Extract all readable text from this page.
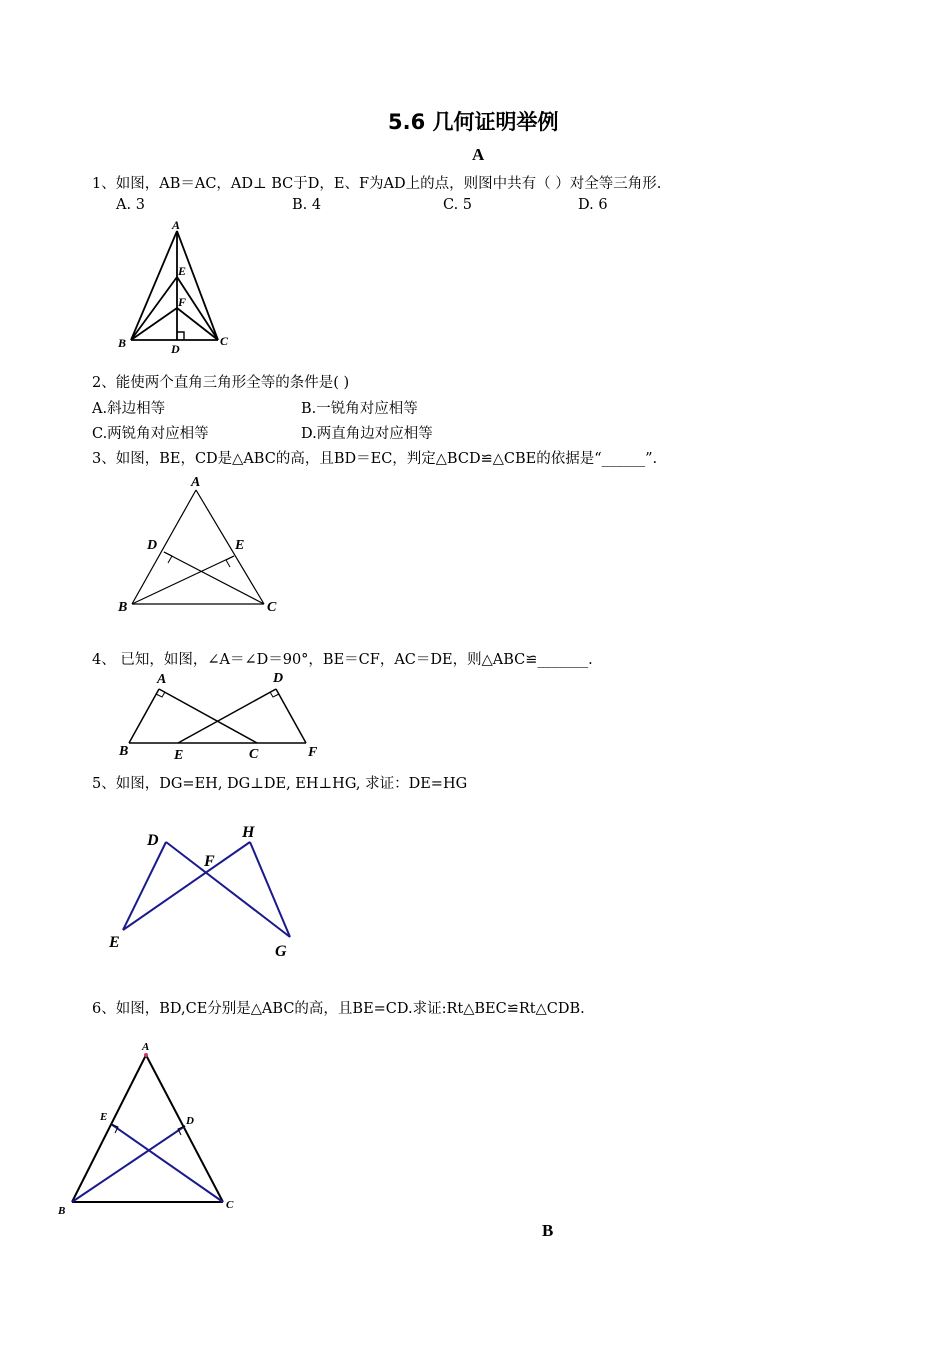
5.6 几何证明举例
A
1、如图，AB＝AC，AD⊥ BC于D，E、F为AD上的点，则图中共有（ ）对全等三角形.
A. 3	B. 4	C. 5	D. 6
A
E
F
B	D
C
2、能使两个直角三角形全等的条件是( )
A.斜边相等	B.一锐角对应相等
C.两锐角对应相等	D.两直角边对应相等
3、如图，BE，CD是△ABC的高，且BD＝EC，判定△BCD≌△CBE的依据是“______”.
A
D	E
B	C
4、 已知，如图，∠A＝∠D＝90°，BE＝CF，AC＝DE，则△ABC≌_______.
A	D
B	E	C	F
5、如图，DG=EH, DG⊥DE, EH⊥HG, 求证：DE=HG
D	H
F
E
G
6、如图，BD,CE分别是△ABC的高，且BE=CD.求证:Rt△BEC≌Rt△CDB.
A
E	D
B	C
B
